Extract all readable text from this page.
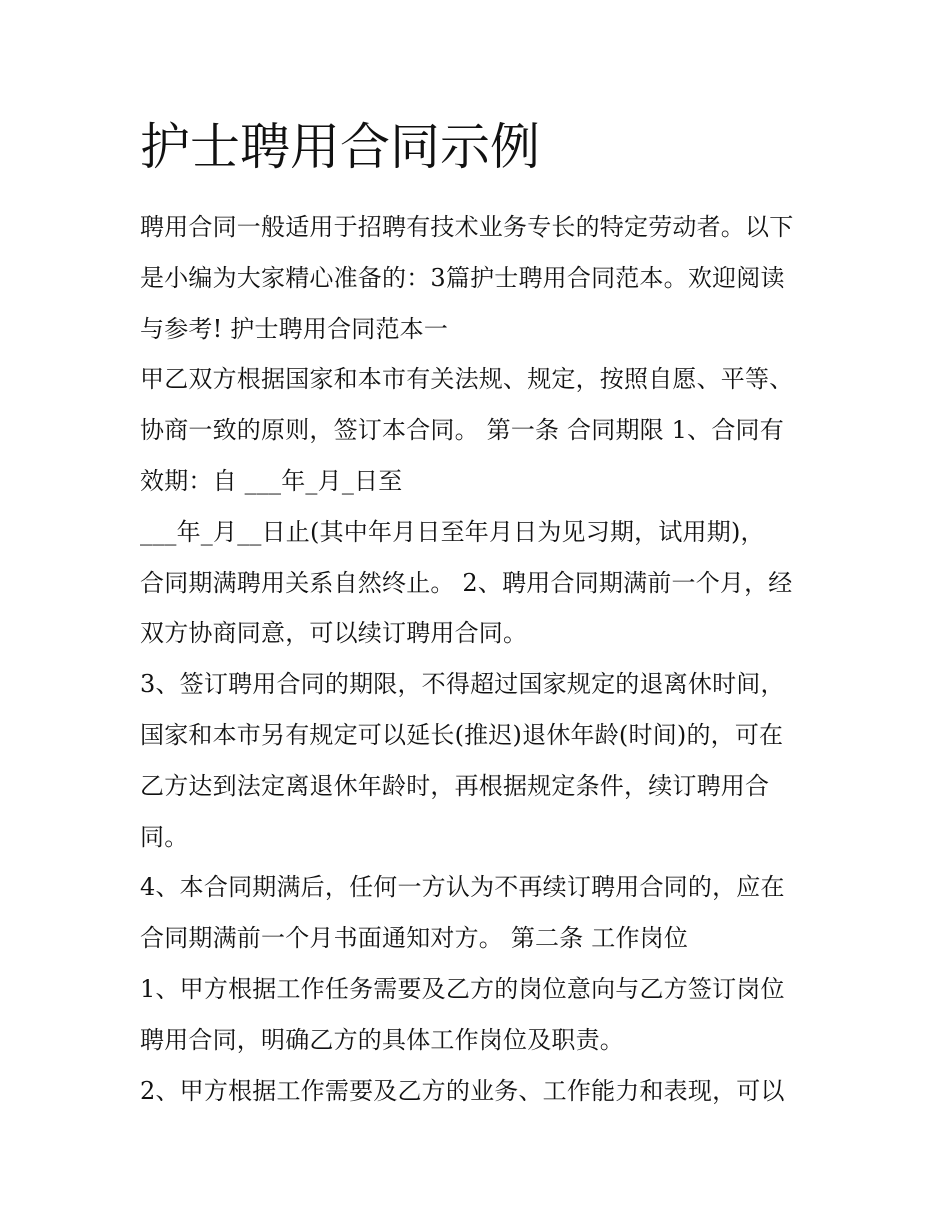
护士聘用合同示例
聘用合同一般适用于招聘有技术业务专长的特定劳动者。以下
是小编为大家精心准备的：3篇护士聘用合同范本。欢迎阅读
与参考! 护士聘用合同范本一
甲乙双方根据国家和本市有关法规、规定，按照自愿、平等、
协商一致的原则，签订本合同。 第一条 合同期限 1、合同有
效期：自 ___年_月_日至
___年_月__日止(其中年月日至年月日为见习期，试用期)，
合同期满聘用关系自然终止。 2、聘用合同期满前一个月，经
双方协商同意，可以续订聘用合同。
3、签订聘用合同的期限，不得超过国家规定的退离休时间，
国家和本市另有规定可以延长(推迟)退休年龄(时间)的，可在
乙方达到法定离退休年龄时，再根据规定条件，续订聘用合
同。
4、本合同期满后，任何一方认为不再续订聘用合同的，应在
合同期满前一个月书面通知对方。 第二条 工作岗位
1、甲方根据工作任务需要及乙方的岗位意向与乙方签订岗位
聘用合同，明确乙方的具体工作岗位及职责。
2、甲方根据工作需要及乙方的业务、工作能力和表现，可以
